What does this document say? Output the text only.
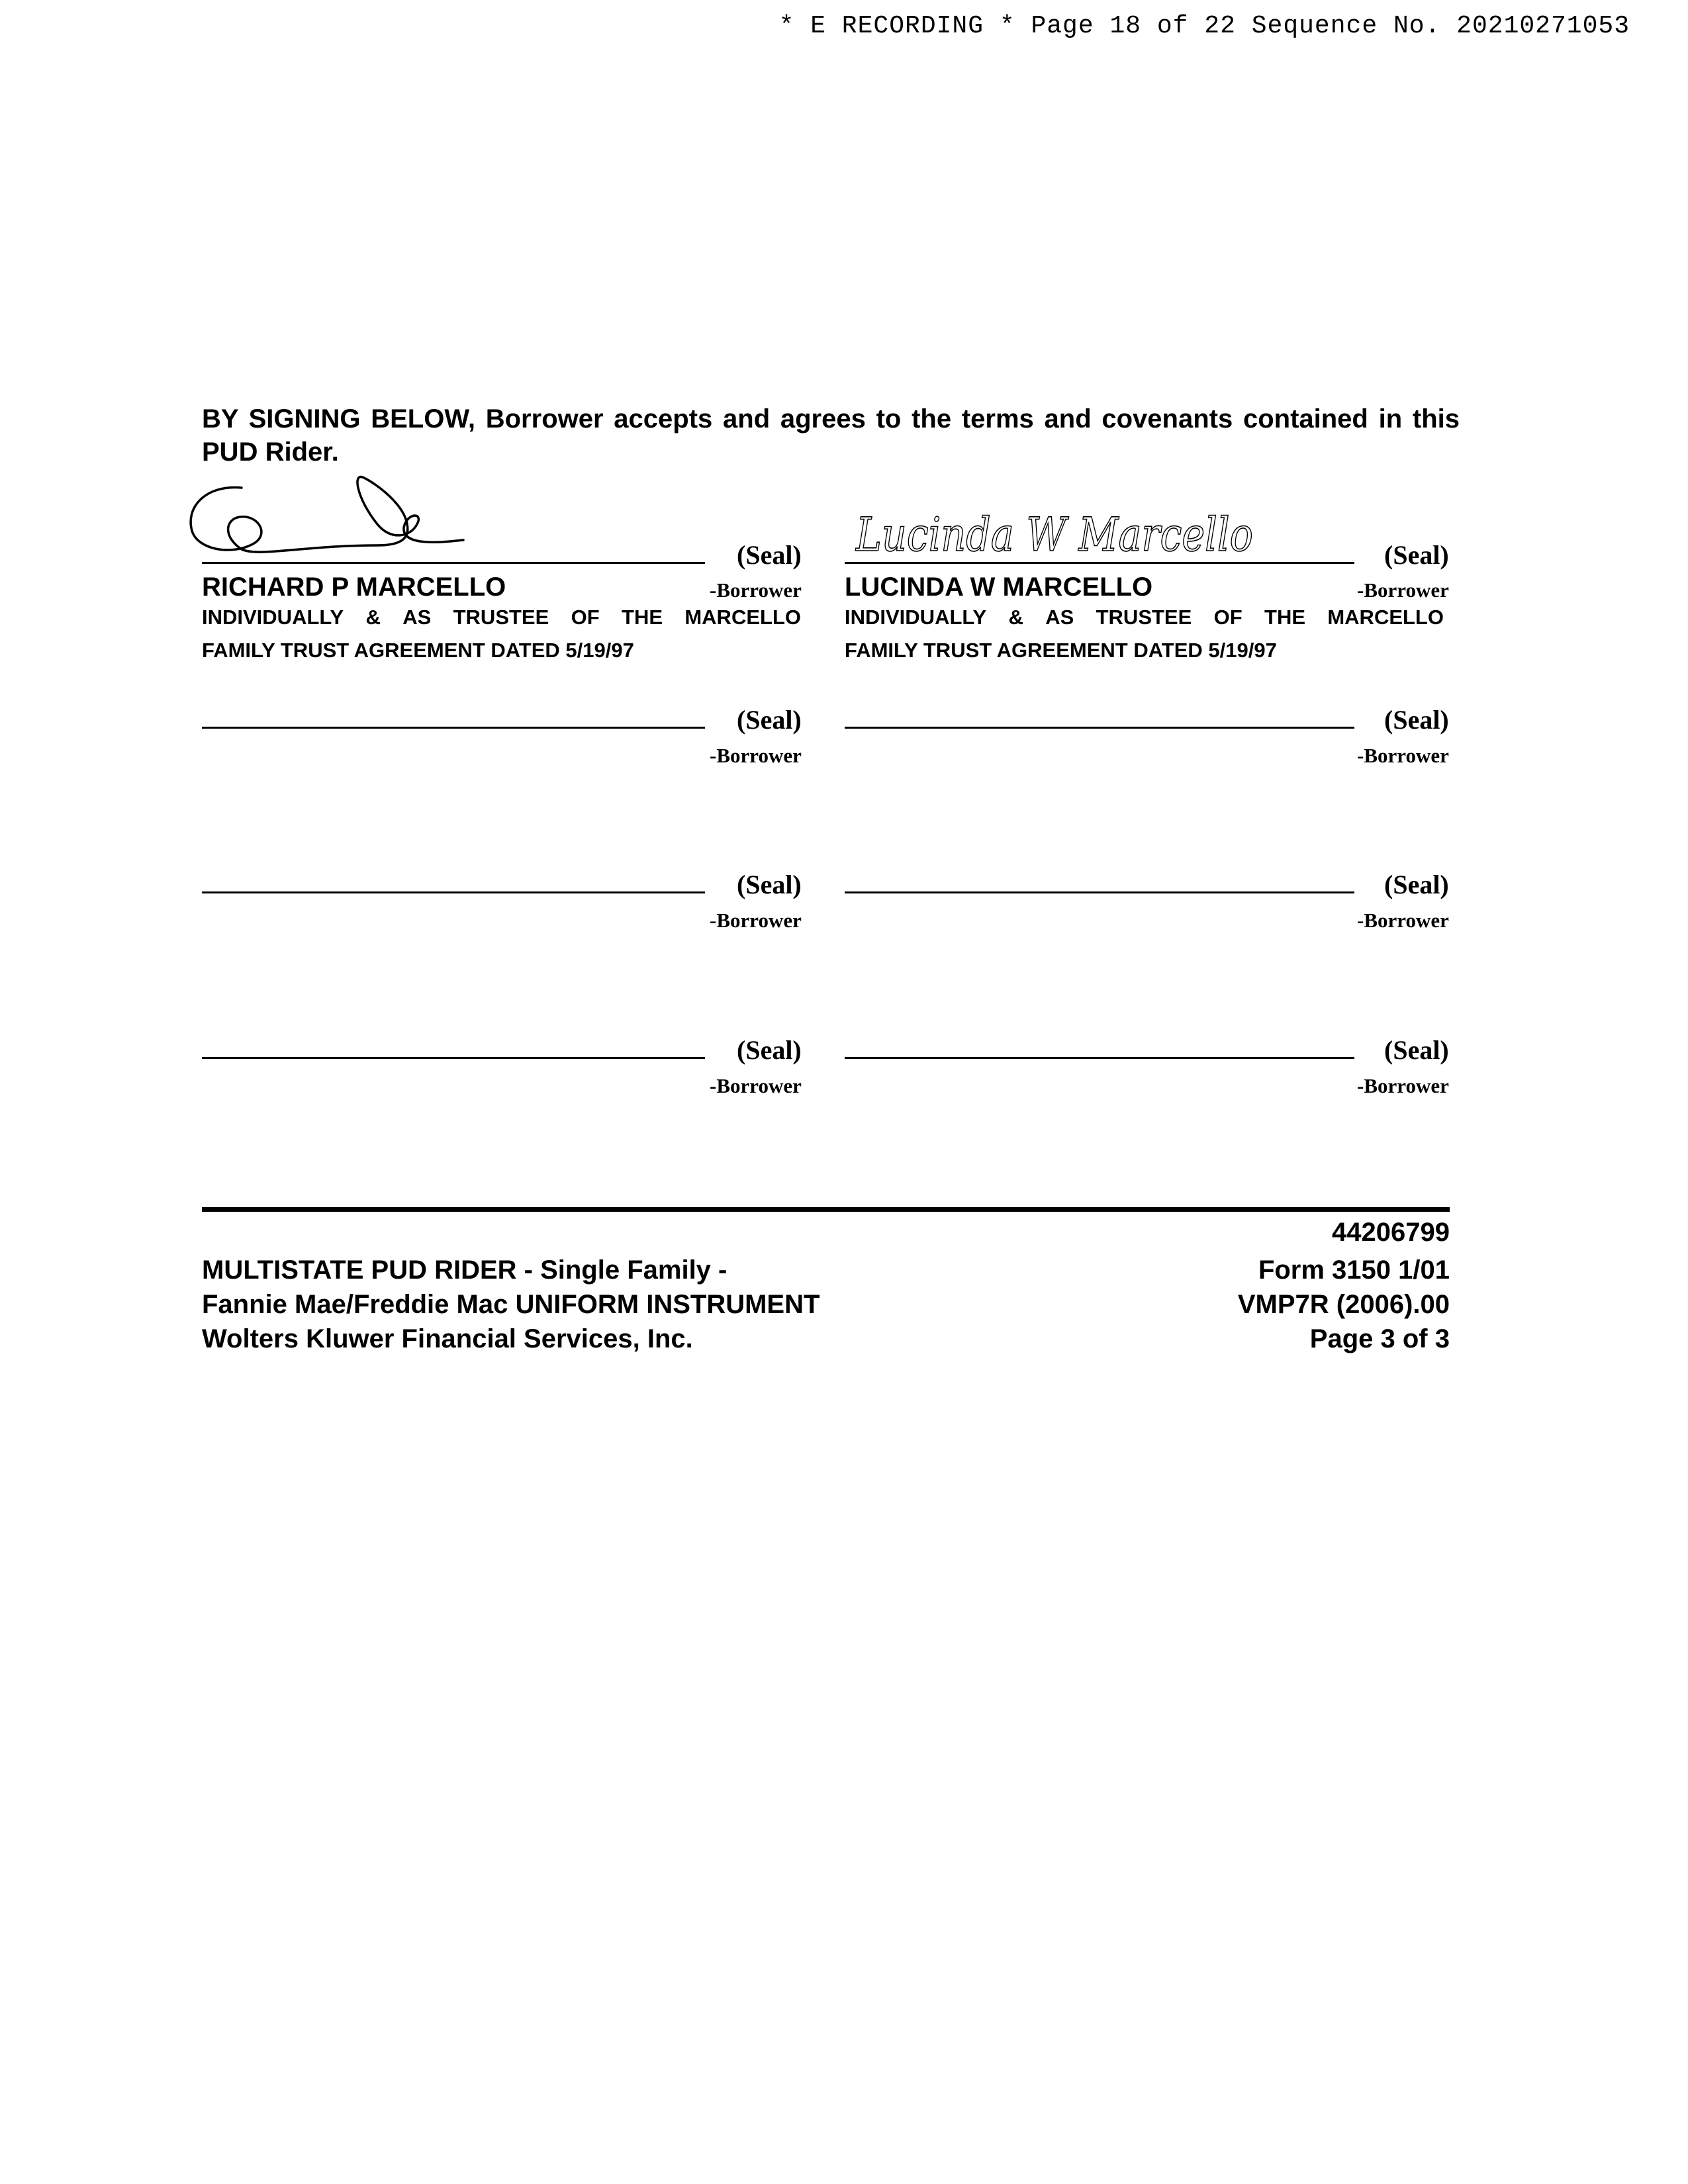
* E RECORDING * Page 18 of 22 Sequence No. 20210271053
BY SIGNING BELOW, Borrower accepts and agrees to the terms and covenants contained in this PUD Rider.
(Seal)
RICHARD P MARCELLO	-Borrower
INDIVIDUALLY & AS TRUSTEE OF THE MARCELLO
FAMILY TRUST AGREEMENT DATED 5/19/97
Lucinda W Marcello	(Seal)
LUCINDA W MARCELLO	-Borrower
INDIVIDUALLY & AS TRUSTEE OF THE MARCELLO
FAMILY TRUST AGREEMENT DATED 5/19/97
(Seal)
-Borrower
(Seal)
-Borrower
(Seal)
-Borrower
(Seal)
-Borrower
(Seal)
-Borrower
(Seal)
-Borrower
MULTISTATE PUD RIDER - Single Family -
Fannie Mae/Freddie Mac UNIFORM INSTRUMENT
Wolters Kluwer Financial Services, Inc.
44206799
Form 3150 1/01
VMP7R (2006).00
Page 3 of 3
